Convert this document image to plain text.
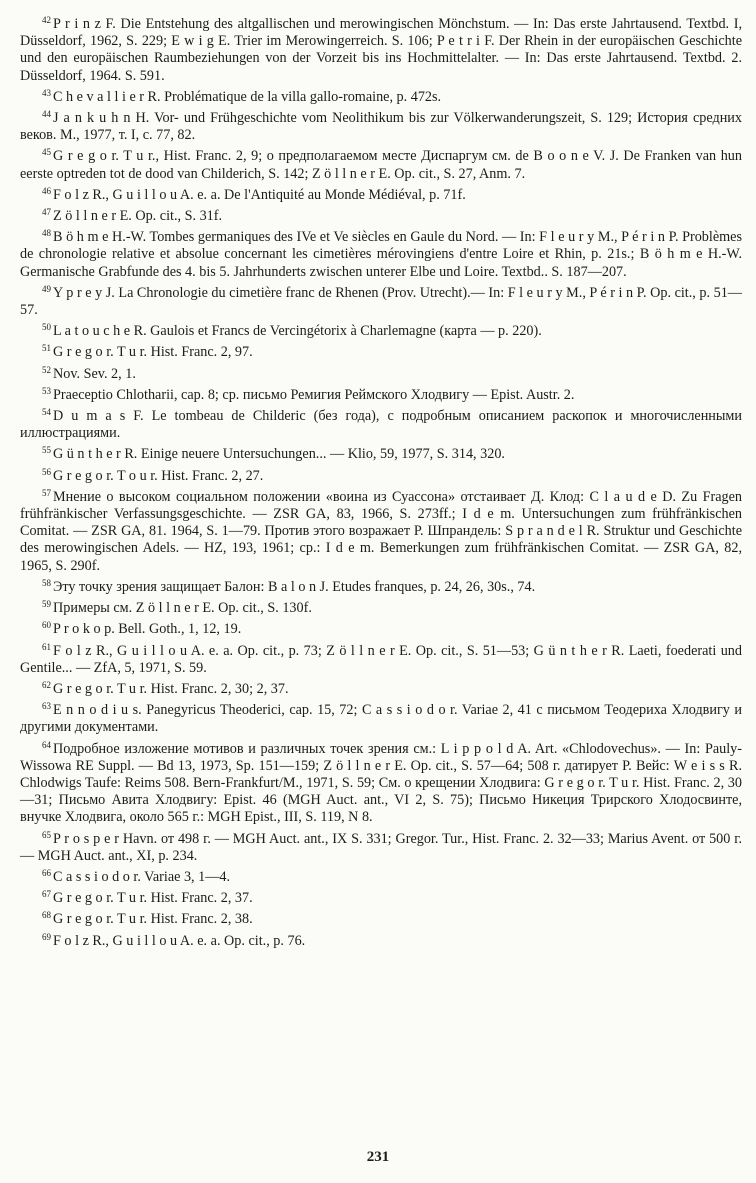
$^{42}$ P r i n z F. Die Entstehung des altgallischen und merowingischen Mönchstum. — In: Das erste Jahrtausend. Textbd. I, Düsseldorf, 1962, S. 229; E w i g E. Trier im Merowingerreich. S. 106; P e t r i F. Der Rhein in der europäischen Geschichte und den europäischen Raumbeziehungen von der Vorzeit bis ins Hochmittelalter. — In: Das erste Jahrtausend. Textbd. 2. Düsseldorf, 1964. S. 591.

$^{43}$ C h e v a l l i e r R. Problématique de la villa gallo-romaine, p. 472s.

$^{44}$ J a n k u h n H. Vor- und Frühgeschichte vom Neolithikum bis zur Völkerwanderungszeit, S. 129; История средних веков. М., 1977, т. I, с. 77, 82.

$^{45}$ G r e g o r. T u r., Hist. Franc. 2, 9; о предполагаемом месте Диспаргум см. de B o o n e V. J. De Franken van hun eerste optreden tot de dood van Childerich, S. 142; Z ö l l n e r E. Op. cit., S. 27, Anm. 7.

$^{46}$ F o l z R., G u i l l o u A. e. a. De l'Antiquité au Monde Médiéval, p. 71f.

$^{47}$ Z ö l l n e r E. Op. cit., S. 31f.

$^{48}$ B ö h m e H.-W. Tombes germaniques des IVe et Ve siècles en Gaule du Nord. — In: F l e u r y M., P é r i n P. Problèmes de chronologie relative et absolue concernant les cimetières mérovingiens d'entre Loire et Rhin, p. 21s.; B ö h m e H.-W. Germanische Grabfunde des 4. bis 5. Jahrhunderts zwischen unterer Elbe und Loire. Textbd.. S. 187—207.

$^{49}$ Y p r e y J. La Chronologie du cimetière franc de Rhenen (Prov. Utrecht).— In: F l e u r y M., P é r i n P. Op. cit., p. 51—57.

$^{50}$ L a t o u c h e R. Gaulois et Francs de Vercingétorix à Charlemagne (карта — р. 220).

$^{51}$ G r e g o r. T u r. Hist. Franc. 2, 97.

$^{52}$ Nov. Sev. 2, 1.

$^{53}$ Praeceptio Chlotharii, cap. 8; ср. письмо Ремигия Реймского Хлодвигу — Epist. Austr. 2.

$^{54}$ D u m a s F. Le tombeau de Childeric (без года), с подробным описанием раскопок и многочисленными иллюстрациями.

$^{55}$ G ü n t h e r R. Einige neuere Untersuchungen... — Klio, 59, 1977, S. 314, 320.

$^{56}$ G r e g o r. T o u r. Hist. Franc. 2, 27.

$^{57}$ Мнение о высоком социальном положении «воина из Суассона» отстаивает Д. Клод: C l a u d e D. Zu Fragen frühfränkischer Verfassungsgeschichte. — ZSR GA, 83, 1966, S. 273ff.; I d e m. Untersuchungen zum frühfränkischen Comitat. — ZSR GA, 81. 1964, S. 1—79. Против этого возражает Р. Шпрандель: S p r a n d e l R. Struktur und Geschichte des merowingischen Adels. — HZ, 193, 1961; ср.: I d e m. Bemerkungen zum frühfränkischen Comitat. — ZSR GA, 82, 1965, S. 290f.

$^{58}$ Эту точку зрения защищает Балон: B a l o n J. Etudes franques, p. 24, 26, 30s., 74.

$^{59}$ Примеры см. Z ö l l n e r E. Op. cit., S. 130f.

$^{60}$ P r o k o p. Bell. Goth., 1, 12, 19.

$^{61}$ F o l z R., G u i l l o u A. e. a. Op. cit., p. 73; Z ö l l n e r E. Op. cit., S. 51—53; G ü n t h e r R. Laeti, foederati und Gentile... — ZfA, 5, 1971, S. 59.

$^{62}$ G r e g o r. T u r. Hist. Franc. 2, 30; 2, 37.

$^{63}$ E n n o d i u s. Panegyricus Theoderici, cap. 15, 72; C a s s i o d o r. Variae 2, 41 с письмом Теодериха Хлодвигу и другими документами.

$^{64}$ Подробное изложение мотивов и различных точек зрения см.: L i p p o l d A. Art. «Chlodovechus». — In: Pauly-Wissowa RE Suppl. — Bd 13, 1973, Sp. 151—159; Z ö l l n e r E. Op. cit., S. 57—64; 508 г. датирует Р. Вейс: W e i s s R. Chlodwigs Taufe: Reims 508. Bern-Frankfurt/M., 1971, S. 59; См. о крещении Хлодвига: G r e g o r. T u r. Hist. Franc. 2, 30—31; Письмо Авита Хлодвигу: Epist. 46 (MGH Auct. ant., VI 2, S. 75); Письмо Никеция Трирского Хлодосвинте, внучке Хлодвига, около 565 г.: MGH Epist., III, S. 119, N 8.

$^{65}$ P r o s p e r Havn. от 498 г. — MGH Auct. ant., IX S. 331; Gregor. Tur., Hist. Franc. 2. 32—33; Marius Avent. от 500 г. — MGH Auct. ant., XI, p. 234.

$^{66}$ C a s s i o d o r. Variae 3, 1—4.

$^{67}$ G r e g o r. T u r. Hist. Franc. 2, 37.

$^{68}$ G r e g o r. T u r. Hist. Franc. 2, 38.

$^{69}$ F o l z R., G u i l l o u A. e. a. Op. cit., p. 76.

231
